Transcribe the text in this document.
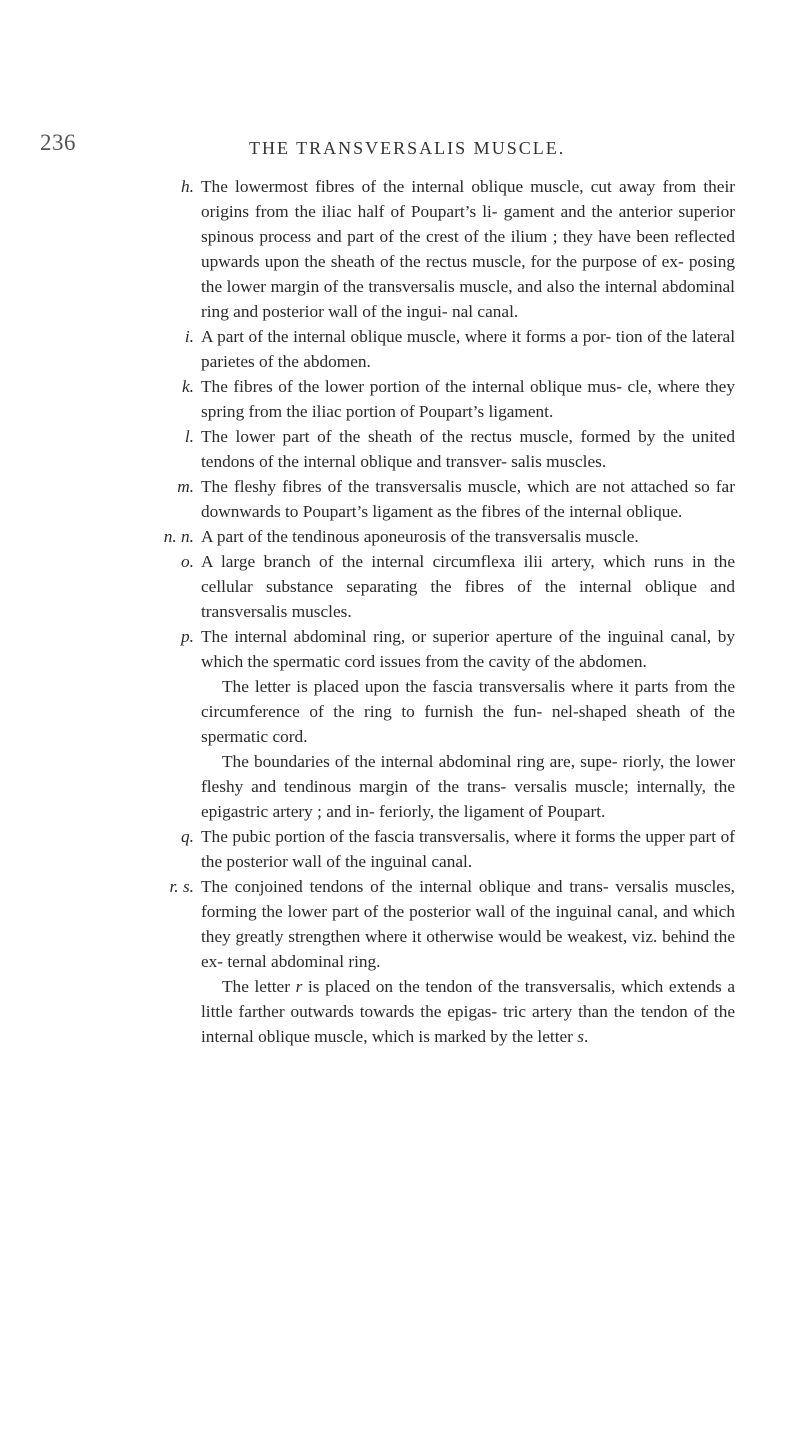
236	THE TRANSVERSALIS MUSCLE.

h. The lowermost fibres of the internal oblique muscle, cut away from their origins from the iliac half of Poupart’s li- gament and the anterior superior spinous process and part of the crest of the ilium ; they have been reflected upwards upon the sheath of the rectus muscle, for the purpose of ex- posing the lower margin of the transversalis muscle, and also the internal abdominal ring and posterior wall of the ingui- nal canal.

i. A part of the internal oblique muscle, where it forms a por- tion of the lateral parietes of the abdomen.

k. The fibres of the lower portion of the internal oblique mus- cle, where they spring from the iliac portion of Poupart’s ligament.

l. The lower part of the sheath of the rectus muscle, formed by the united tendons of the internal oblique and transver- salis muscles.

m. The fleshy fibres of the transversalis muscle, which are not attached so far downwards to Poupart’s ligament as the fibres of the internal oblique.

n. n. A part of the tendinous aponeurosis of the transversalis muscle.

o. A large branch of the internal circumflexa ilii artery, which runs in the cellular substance separating the fibres of the internal oblique and transversalis muscles.

p. The internal abdominal ring, or superior aperture of the inguinal canal, by which the spermatic cord issues from the cavity of the abdomen.

The letter is placed upon the fascia transversalis where it parts from the circumference of the ring to furnish the fun- nel-shaped sheath of the spermatic cord.

The boundaries of the internal abdominal ring are, supe- riorly, the lower fleshy and tendinous margin of the trans- versalis muscle; internally, the epigastric artery ; and in- feriorly, the ligament of Poupart.

q. The pubic portion of the fascia transversalis, where it forms the upper part of the posterior wall of the inguinal canal.

r. s. The conjoined tendons of the internal oblique and trans- versalis muscles, forming the lower part of the posterior wall of the inguinal canal, and which they greatly strengthen where it otherwise would be weakest, viz. behind the ex- ternal abdominal ring.

The letter r is placed on the tendon of the transversalis, which extends a little farther outwards towards the epigas- tric artery than the tendon of the internal oblique muscle, which is marked by the letter s.
